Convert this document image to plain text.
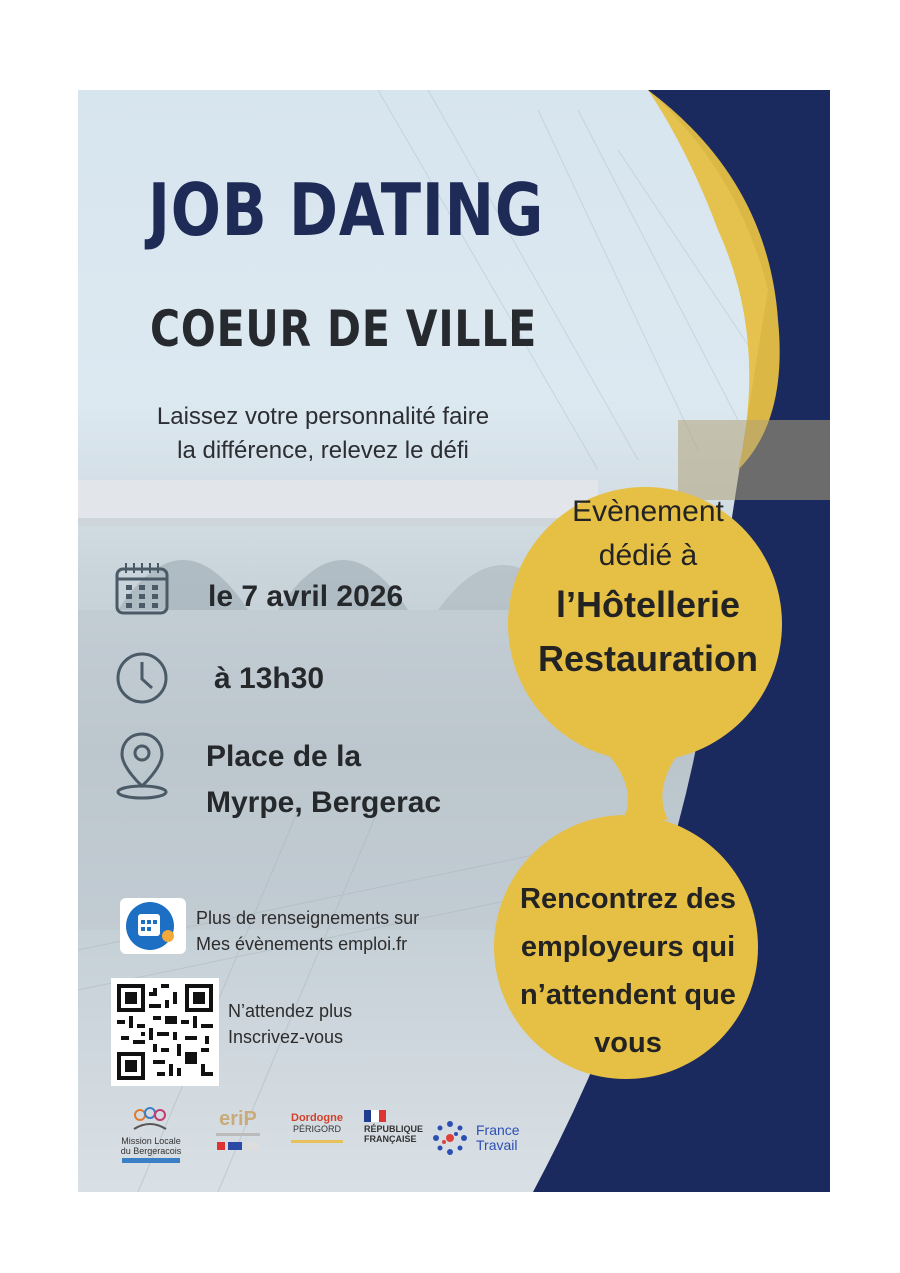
JOB DATING
COEUR DE VILLE
Laissez votre personnalité faire
la différence, relevez le défi
le 7 avril 2026
à 13h30
Place de la
Myrpe, Bergerac
Evènement
dédié à
l’Hôtellerie
Restauration
Rencontrez des
employeurs qui
n’attendent que
vous
Plus de renseignements sur
Mes évènements emploi.fr
N’attendez plus
Inscrivez-vous
Mission Locale
du Bergeracois
eriP	Dordogne
PÉRIGORD	RÉPUBLIQUE
FRANÇAISE
France
Travail
